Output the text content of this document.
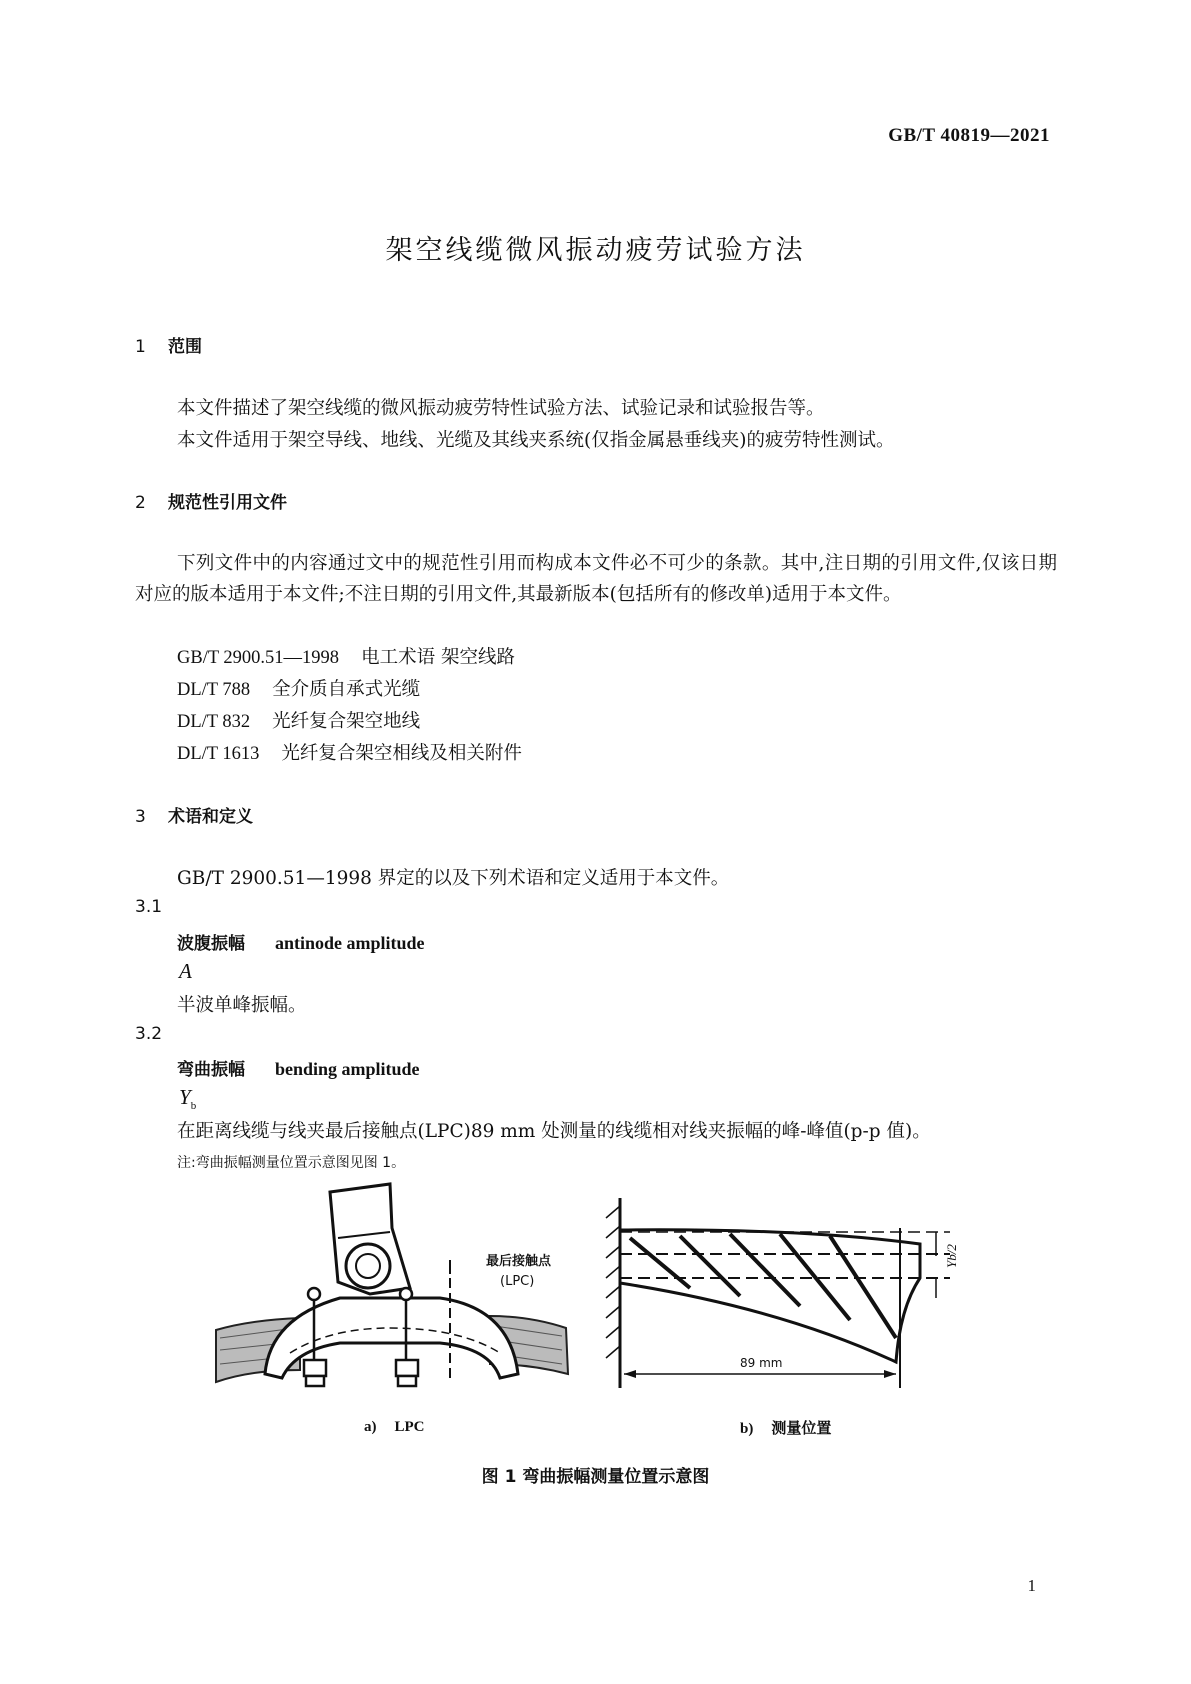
GB/T 40819—2021
架空线缆微风振动疲劳试验方法
1 范围
本文件描述了架空线缆的微风振动疲劳特性试验方法、试验记录和试验报告等。
本文件适用于架空导线、地线、光缆及其线夹系统(仅指金属悬垂线夹)的疲劳特性测试。
2 规范性引用文件
下列文件中的内容通过文中的规范性引用而构成本文件必不可少的条款。其中,注日期的引用文件,仅该日期对应的版本适用于本文件;不注日期的引用文件,其最新版本(包括所有的修改单)适用于本文件。
GB/T 2900.51—1998 电工术语 架空线路
DL/T 788 全介质自承式光缆
DL/T 832 光纤复合架空地线
DL/T 1613 光纤复合架空相线及相关附件
3 术语和定义
GB/T 2900.51—1998 界定的以及下列术语和定义适用于本文件。
3.1
波腹振幅 antinode amplitude
A
半波单峰振幅。
3.2
弯曲振幅 bending amplitude
$Y_b$
在距离线缆与线夹最后接触点(LPC)89 mm 处测量的线缆相对线夹振幅的峰-峰值(p-p 值)。
注:弯曲振幅测量位置示意图见图 1。
最后接触点
(LPC)
89 mm
Yb/2
a) LPC	b) 测量位置
图 1 弯曲振幅测量位置示意图
1
